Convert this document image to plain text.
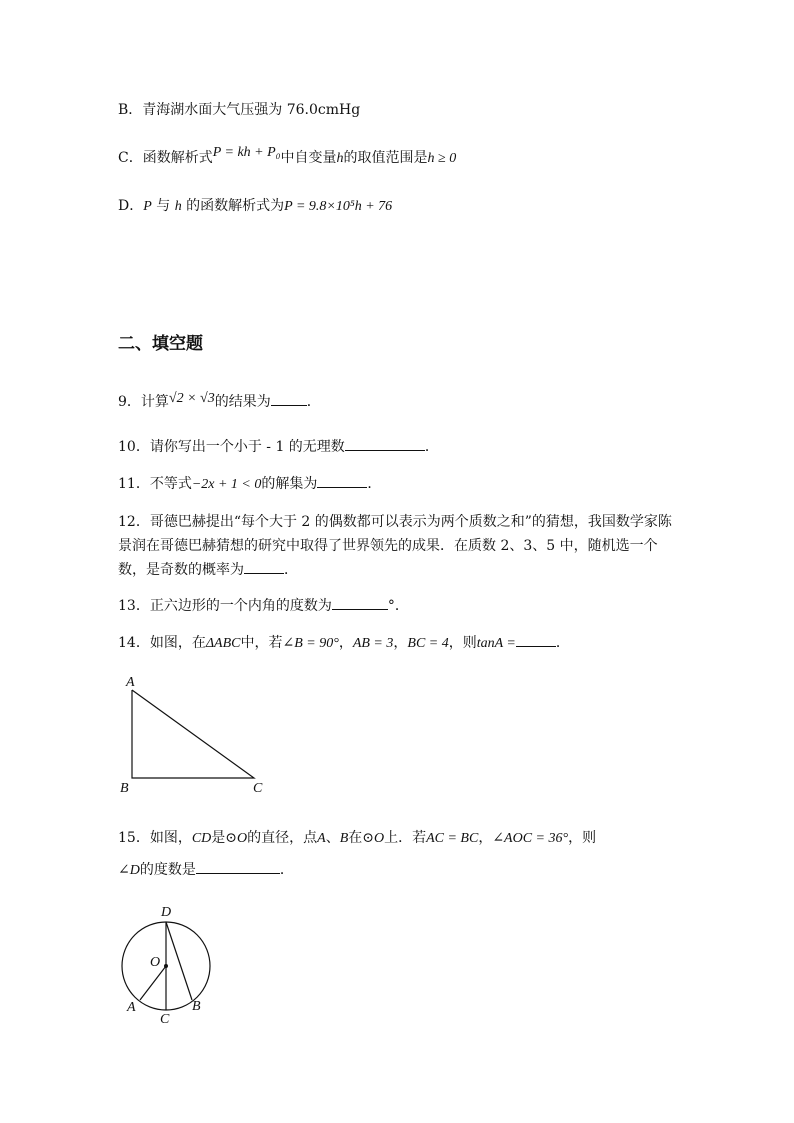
B．青海湖水面大气压强为 76.0cmHg
C．函数解析式P = kh + P₀中自变量h的取值范围是h ≥ 0
D．P 与 h 的函数解析式为P = 9.8×10⁵h + 76
二、填空题
9．计算√2 × √3的结果为	．
10．请你写出一个小于 - 1 的无理数	．
11．不等式−2x + 1 < 0的解集为	．
12．哥德巴赫提出“每个大于 2 的偶数都可以表示为两个质数之和”的猜想，我国数学家陈景润在哥德巴赫猜想的研究中取得了世界领先的成果．在质数 2、3、5 中，随机选一个数，是奇数的概率为	．
13．正六边形的一个内角的度数为	°．
14．如图，在ΔABC中，若∠B = 90°，AB = 3，BC = 4，则tanA =	．
A
B	C
15．如图，CD是⊙O的直径，点A、B在⊙O上．若AC = BC，∠AOC = 36°，则
∠D的度数是	．
D
O
A
C
B
